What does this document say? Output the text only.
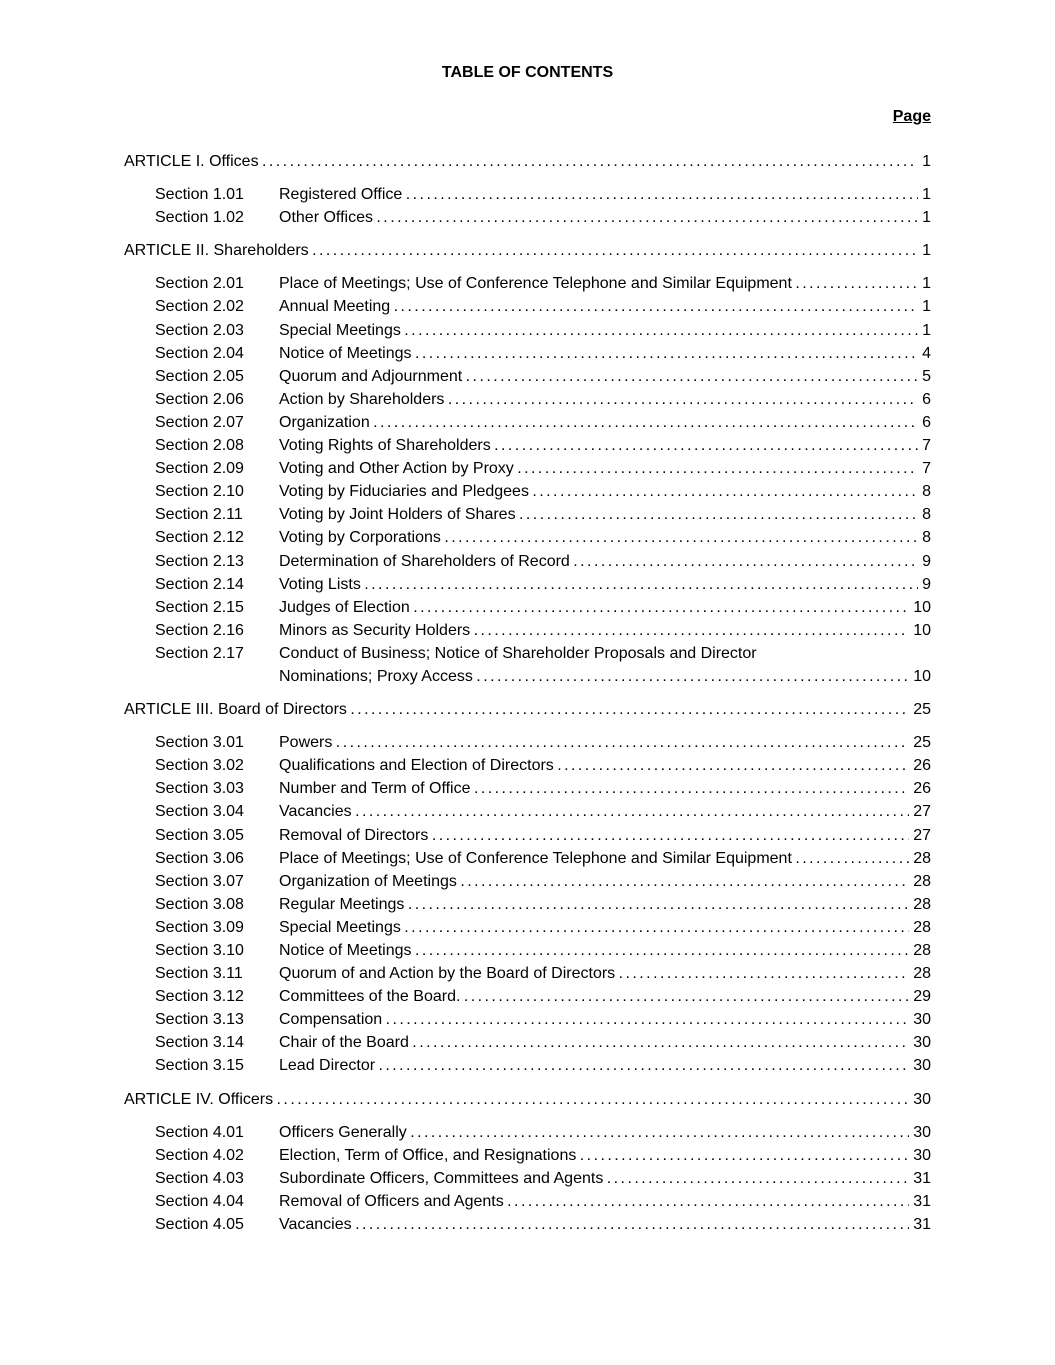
TABLE OF CONTENTS
Page
ARTICLE I. Offices . . .	1
Section 1.01	Registered Office . . .	1
Section 1.02	Other Offices . . .	1
ARTICLE II. Shareholders . . .	1
Section 2.01	Place of Meetings; Use of Conference Telephone and Similar Equipment . . .	1
Section 2.02	Annual Meeting . . .	1
Section 2.03	Special Meetings . . .	1
Section 2.04	Notice of Meetings . . .	4
Section 2.05	Quorum and Adjournment . . .	5
Section 2.06	Action by Shareholders . . .	6
Section 2.07	Organization . . .	6
Section 2.08	Voting Rights of Shareholders . . .	7
Section 2.09	Voting and Other Action by Proxy . . .	7
Section 2.10	Voting by Fiduciaries and Pledgees . . .	8
Section 2.11	Voting by Joint Holders of Shares . . .	8
Section 2.12	Voting by Corporations . . .	8
Section 2.13	Determination of Shareholders of Record . . .	9
Section 2.14	Voting Lists . . .	9
Section 2.15	Judges of Election . . .	10
Section 2.16	Minors as Security Holders . . .	10
Section 2.17	Conduct of Business; Notice of Shareholder Proposals and Director
Nominations; Proxy Access . . .	10
ARTICLE III. Board of Directors . . .	25
Section 3.01	Powers . . .	25
Section 3.02	Qualifications and Election of Directors . . .	26
Section 3.03	Number and Term of Office . . .	26
Section 3.04	Vacancies . . .	27
Section 3.05	Removal of Directors . . .	27
Section 3.06	Place of Meetings; Use of Conference Telephone and Similar Equipment . . .	28
Section 3.07	Organization of Meetings . . .	28
Section 3.08	Regular Meetings . . .	28
Section 3.09	Special Meetings . . .	28
Section 3.10	Notice of Meetings . . .	28
Section 3.11	Quorum of and Action by the Board of Directors . . .	28
Section 3.12	Committees of the Board. . . .	29
Section 3.13	Compensation . . .	30
Section 3.14	Chair of the Board . . .	30
Section 3.15	Lead Director . . .	30
ARTICLE IV. Officers . . .	30
Section 4.01	Officers Generally . . .	30
Section 4.02	Election, Term of Office, and Resignations . . .	30
Section 4.03	Subordinate Officers, Committees and Agents . . .	31
Section 4.04	Removal of Officers and Agents . . .	31
Section 4.05	Vacancies . . .	31
